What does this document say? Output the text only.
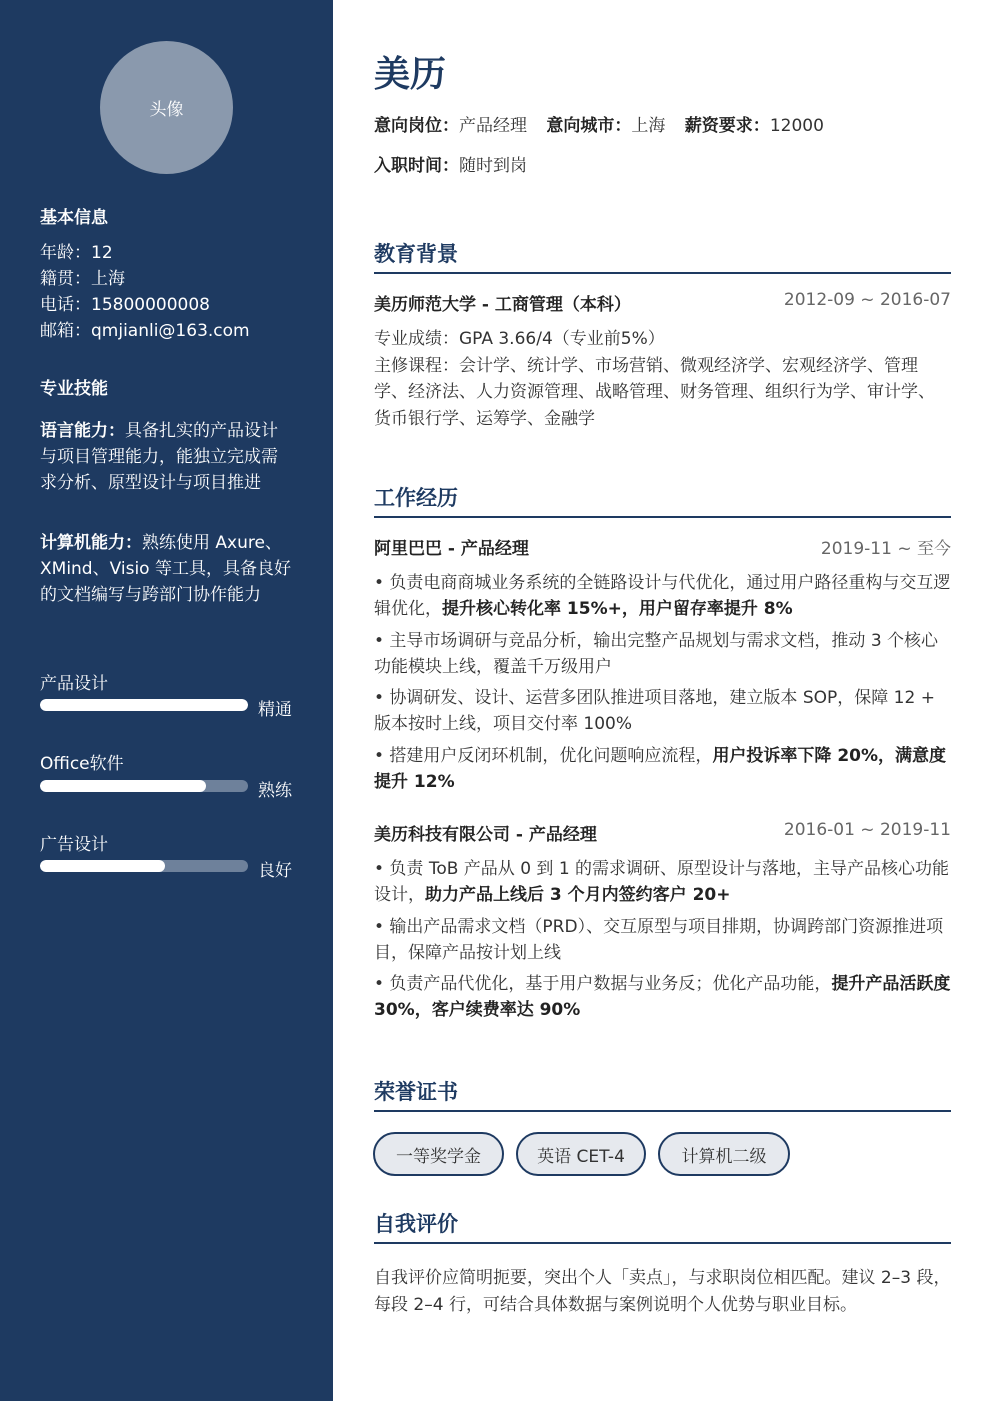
头像
基本信息
年龄：12
籍贯：上海
电话：15800000008
邮箱：qmjianli@163.com
专业技能
语言能力：具备扎实的产品设计与项目管理能力，能独立完成需求分析、原型设计与项目推进
计算机能力：熟练使用 Axure、XMind、Visio 等工具，具备良好的文档编写与跨部门协作能力
产品设计
精通
Office软件
熟练
广告设计
良好
美历
意向岗位：产品经理 意向城市：上海 薪资要求：12000
入职时间：随时到岗
教育背景
美历师范大学 - 工商管理（本科）	2012-09 ~ 2016-07
专业成绩：GPA 3.66/4（专业前5%）
主修课程：会计学、统计学、市场营销、微观经济学、宏观经济学、管理学、经济法、人力资源管理、战略管理、财务管理、组织行为学、审计学、货币银行学、运筹学、金融学
工作经历
阿里巴巴 - 产品经理	2019-11 ~ 至今
• 负责电商商城业务系统的全链路设计与代优化，通过用户路径重构与交互逻辑优化，提升核心转化率 15%+，用户留存率提升 8%
• 主导市场调研与竞品分析，输出完整产品规划与需求文档，推动 3 个核心功能模块上线，覆盖千万级用户
• 协调研发、设计、运营多团队推进项目落地，建立版本 SOP，保障 12 + 版本按时上线，项目交付率 100%
• 搭建用户反闭环机制，优化问题响应流程，用户投诉率下降 20%，满意度提升 12%
美历科技有限公司 - 产品经理	2016-01 ~ 2019-11
• 负责 ToB 产品从 0 到 1 的需求调研、原型设计与落地，主导产品核心功能设计，助力产品上线后 3 个月内签约客户 20+
• 输出产品需求文档（PRD）、交互原型与项目排期，协调跨部门资源推进项目，保障产品按计划上线
• 负责产品代优化，基于用户数据与业务反；优化产品功能，提升产品活跃度 30%，客户续费率达 90%
荣誉证书
一等奖学金	英语 CET-4	计算机二级
自我评价
自我评价应简明扼要，突出个人「卖点」，与求职岗位相匹配。建议 2–3 段，每段 2–4 行，可结合具体数据与案例说明个人优势与职业目标。
